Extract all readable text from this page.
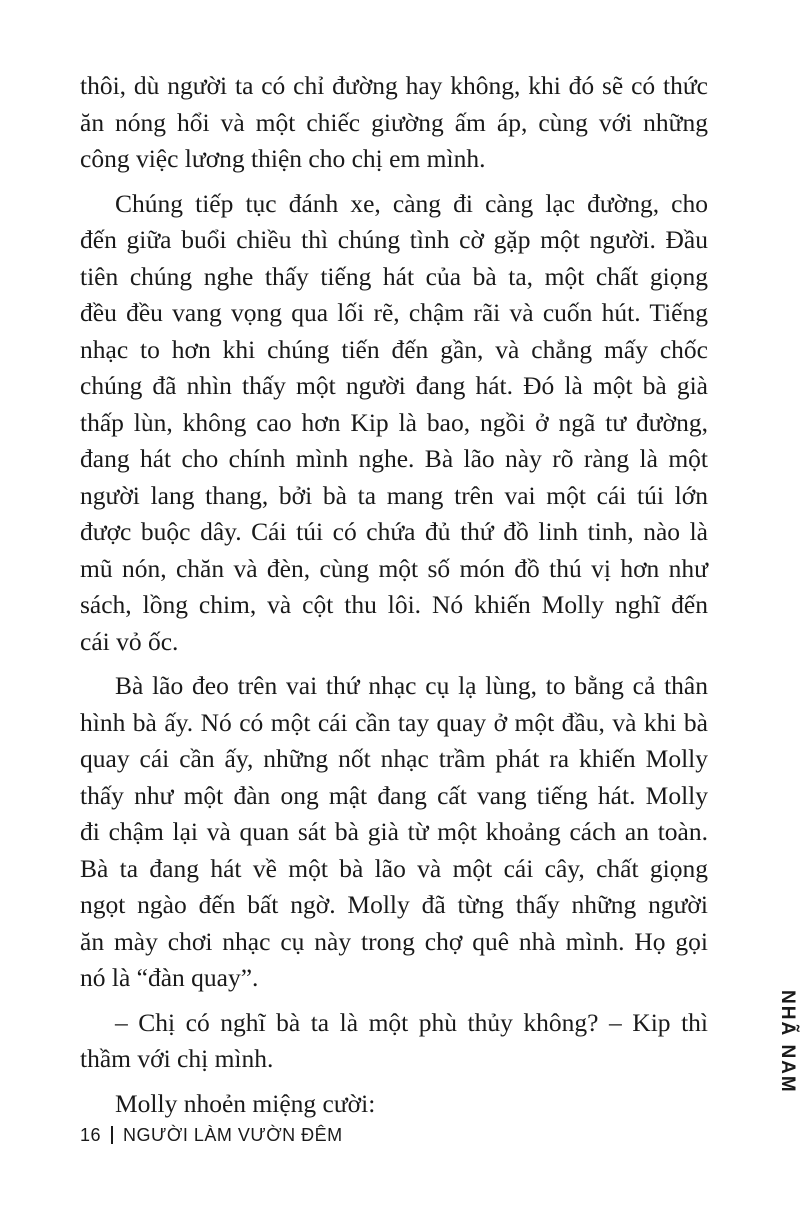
thôi, dù người ta có chỉ đường hay không, khi đó sẽ có thức
ăn nóng hổi và một chiếc giường ấm áp, cùng với những
công việc lương thiện cho chị em mình.
Chúng tiếp tục đánh xe, càng đi càng lạc đường, cho
đến giữa buổi chiều thì chúng tình cờ gặp một người. Đầu
tiên chúng nghe thấy tiếng hát của bà ta, một chất giọng
đều đều vang vọng qua lối rẽ, chậm rãi và cuốn hút. Tiếng
nhạc to hơn khi chúng tiến đến gần, và chẳng mấy chốc
chúng đã nhìn thấy một người đang hát. Đó là một bà già
thấp lùn, không cao hơn Kip là bao, ngồi ở ngã tư đường,
đang hát cho chính mình nghe. Bà lão này rõ ràng là một
người lang thang, bởi bà ta mang trên vai một cái túi lớn
được buộc dây. Cái túi có chứa đủ thứ đồ linh tinh, nào là
mũ nón, chăn và đèn, cùng một số món đồ thú vị hơn như
sách, lồng chim, và cột thu lôi. Nó khiến Molly nghĩ đến
cái vỏ ốc.
Bà lão đeo trên vai thứ nhạc cụ lạ lùng, to bằng cả thân
hình bà ấy. Nó có một cái cần tay quay ở một đầu, và khi bà
quay cái cần ấy, những nốt nhạc trầm phát ra khiến Molly
thấy như một đàn ong mật đang cất vang tiếng hát. Molly
đi chậm lại và quan sát bà già từ một khoảng cách an toàn.
Bà ta đang hát về một bà lão và một cái cây, chất giọng
ngọt ngào đến bất ngờ. Molly đã từng thấy những người
ăn mày chơi nhạc cụ này trong chợ quê nhà mình. Họ gọi
nó là “đàn quay”.
– Chị có nghĩ bà ta là một phù thủy không? – Kip thì
thầm với chị mình.
Molly nhoẻn miệng cười:
16 NGƯỜI LÀM VƯỜN ĐÊM
NHÃ NAM
